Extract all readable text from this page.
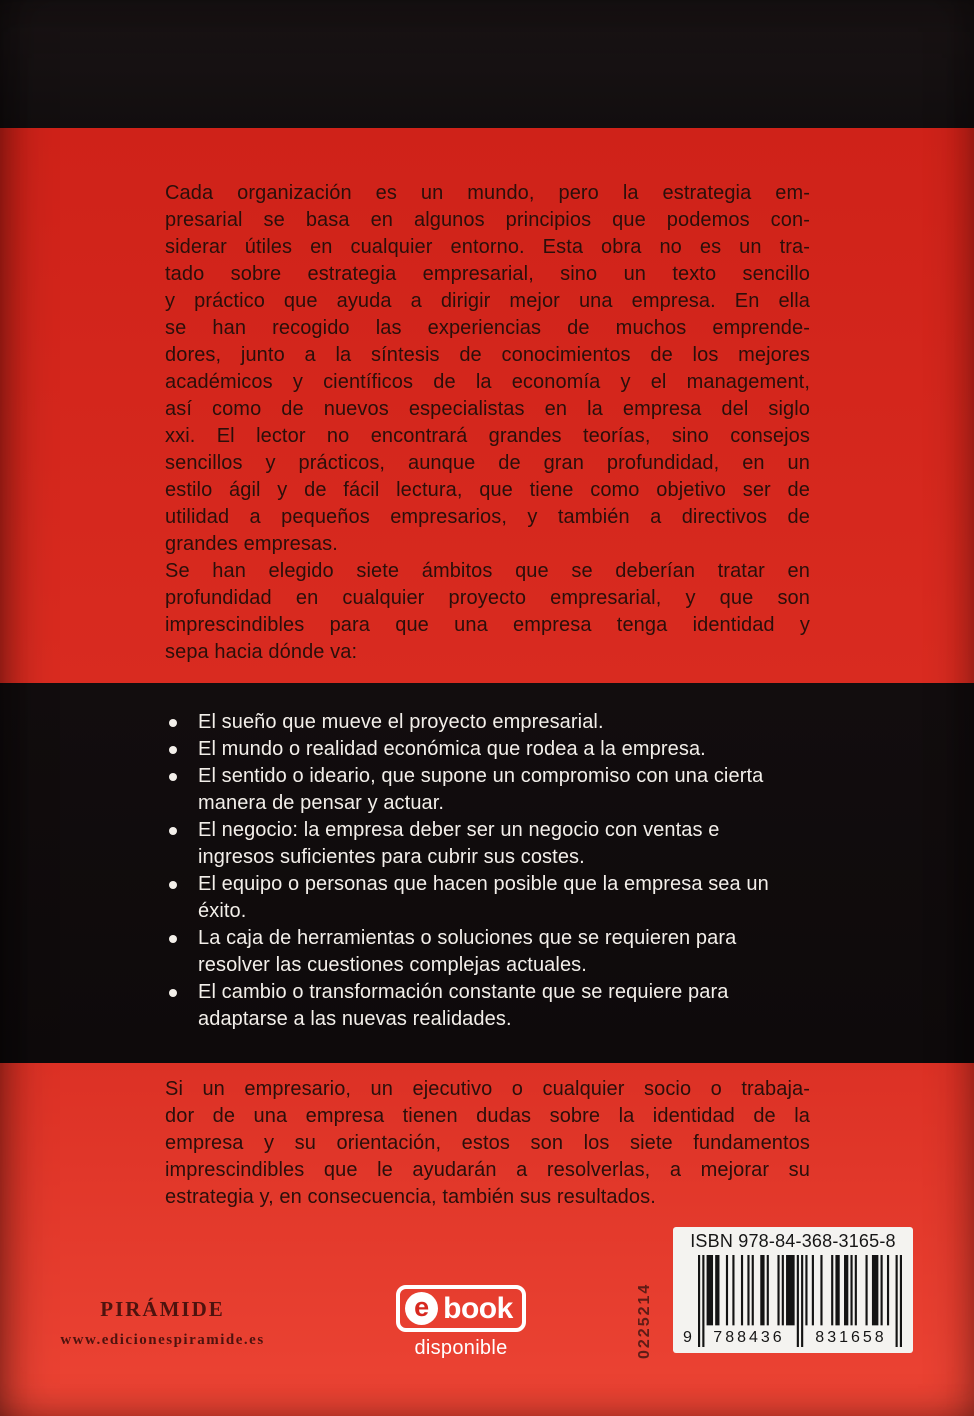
Cada organización es un mundo, pero la estrategia em-
presarial se basa en algunos principios que podemos con-
siderar útiles en cualquier entorno. Esta obra no es un tra-
tado sobre estrategia empresarial, sino un texto sencillo
y práctico que ayuda a dirigir mejor una empresa. En ella
se han recogido las experiencias de muchos emprende-
dores, junto a la síntesis de conocimientos de los mejores
académicos y científicos de la economía y el management,
así como de nuevos especialistas en la empresa del siglo
xxi. El lector no encontrará grandes teorías, sino consejos
sencillos y prácticos, aunque de gran profundidad, en un
estilo ágil y de fácil lectura, que tiene como objetivo ser de
utilidad a pequeños empresarios, y también a directivos de
grandes empresas.
Se han elegido siete ámbitos que se deberían tratar en
profundidad en cualquier proyecto empresarial, y que son
imprescindibles para que una empresa tenga identidad y
sepa hacia dónde va:
El sueño que mueve el proyecto empresarial.
El mundo o realidad económica que rodea a la empresa.
El sentido o ideario, que supone un compromiso con una cierta manera de pensar y actuar.
El negocio: la empresa deber ser un negocio con ventas e ingresos suficientes para cubrir sus costes.
El equipo o personas que hacen posible que la empresa sea un éxito.
La caja de herramientas o soluciones que se requieren para resolver las cuestiones complejas actuales.
El cambio o transformación constante que se requiere para adaptarse a las nuevas realidades.
Si un empresario, un ejecutivo o cualquier socio o trabaja-
dor de una empresa tienen dudas sobre la identidad de la
empresa y su orientación, estos son los siete fundamentos
imprescindibles que le ayudarán a resolverlas, a mejorar su
estrategia y, en consecuencia, también sus resultados.
PIRÁMIDE
www.edicionespiramide.es
e book
disponible	0225214
ISBN 978-84-368-3165-8
9	788436	831658
